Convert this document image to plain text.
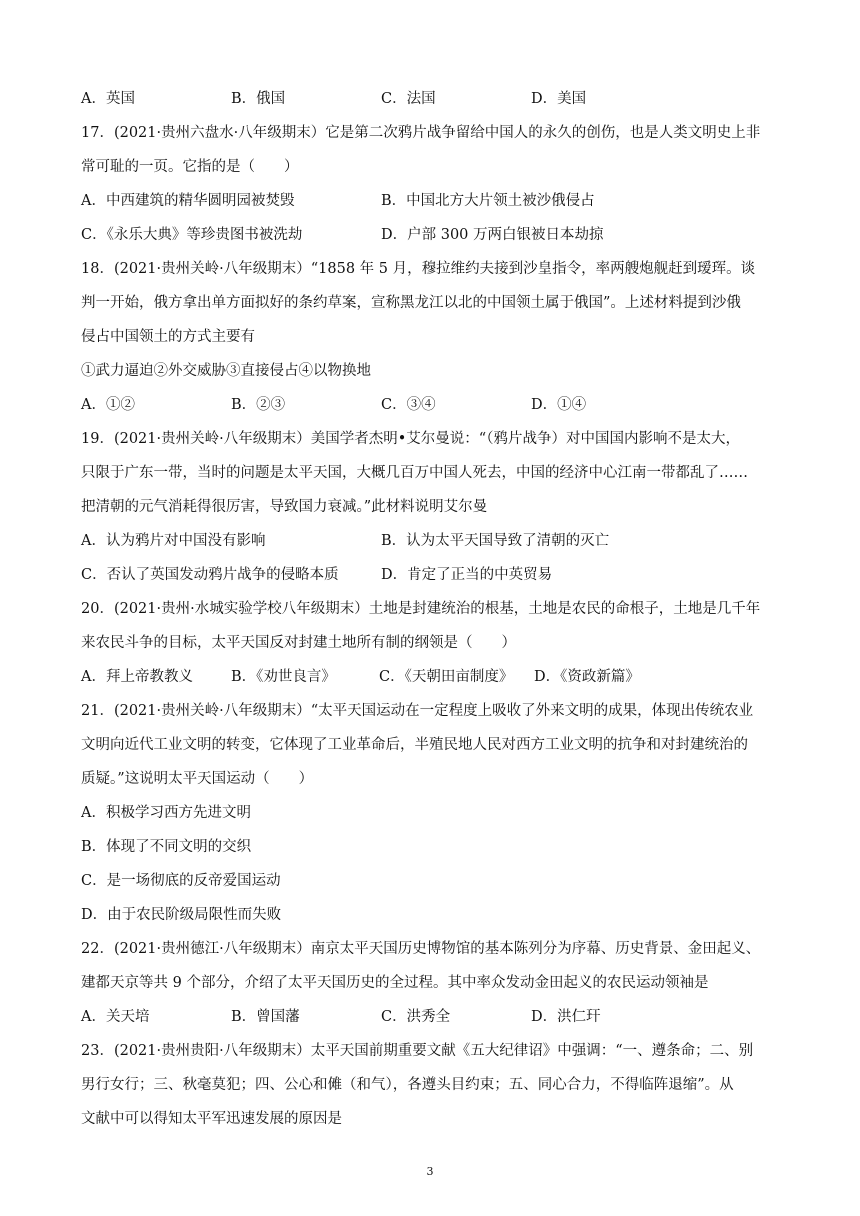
A．英国	B．俄国	C．法国	D．美国
17．(2021·贵州六盘水·八年级期末）它是第二次鸦片战争留给中国人的永久的创伤，也是人类文明史上非
常可耻的一页。它指的是（　　）
A．中西建筑的精华圆明园被焚毁	B．中国北方大片领土被沙俄侵占
C．《永乐大典》等珍贵图书被洗劫	D．户部 300 万两白银被日本劫掠
18．(2021·贵州关岭·八年级期末）“1858 年 5 月，穆拉维约夫接到沙皇指令，率两艘炮舰赶到瑷珲。谈
判一开始，俄方拿出单方面拟好的条约草案，宣称黑龙江以北的中国领土属于俄国”。上述材料提到沙俄
侵占中国领土的方式主要有
①武力逼迫②外交威胁③直接侵占④以物换地
A．①②	B．②③	C．③④	D．①④
19．(2021·贵州关岭·八年级期末）美国学者杰明•艾尔曼说：“（鸦片战争）对中国国内影响不是太大，
只限于广东一带，当时的问题是太平天国，大概几百万中国人死去，中国的经济中心江南一带都乱了……
把清朝的元气消耗得很厉害，导致国力衰减。”此材料说明艾尔曼
A．认为鸦片对中国没有影响	B．认为太平天国导致了清朝的灭亡
C．否认了英国发动鸦片战争的侵略本质	D．肯定了正当的中英贸易
20．(2021·贵州·水城实验学校八年级期末）土地是封建统治的根基，土地是农民的命根子，土地是几千年
来农民斗争的目标，太平天国反对封建土地所有制的纲领是（　　）
A．拜上帝教教义	B．《劝世良言》	C．《天朝田亩制度》	D．《资政新篇》
21．(2021·贵州关岭·八年级期末）“太平天国运动在一定程度上吸收了外来文明的成果，体现出传统农业
文明向近代工业文明的转变，它体现了工业革命后，半殖民地人民对西方工业文明的抗争和对封建统治的
质疑。”这说明太平天国运动（　　）
A．积极学习西方先进文明
B．体现了不同文明的交织
C．是一场彻底的反帝爱国运动
D．由于农民阶级局限性而失败
22．(2021·贵州德江·八年级期末）南京太平天国历史博物馆的基本陈列分为序幕、历史背景、金田起义、
建都天京等共 9 个部分，介绍了太平天国历史的全过程。其中率众发动金田起义的农民运动领袖是
A．关天培	B．曾国藩	C．洪秀全	D．洪仁玕
23．(2021·贵州贵阳·八年级期末）太平天国前期重要文献《五大纪律诏》中强调：“一、遵条命；二、别
男行女行；三、秋毫莫犯；四、公心和傩（和气），各遵头目约束；五、同心合力，不得临阵退缩”。从
文献中可以得知太平军迅速发展的原因是
3
